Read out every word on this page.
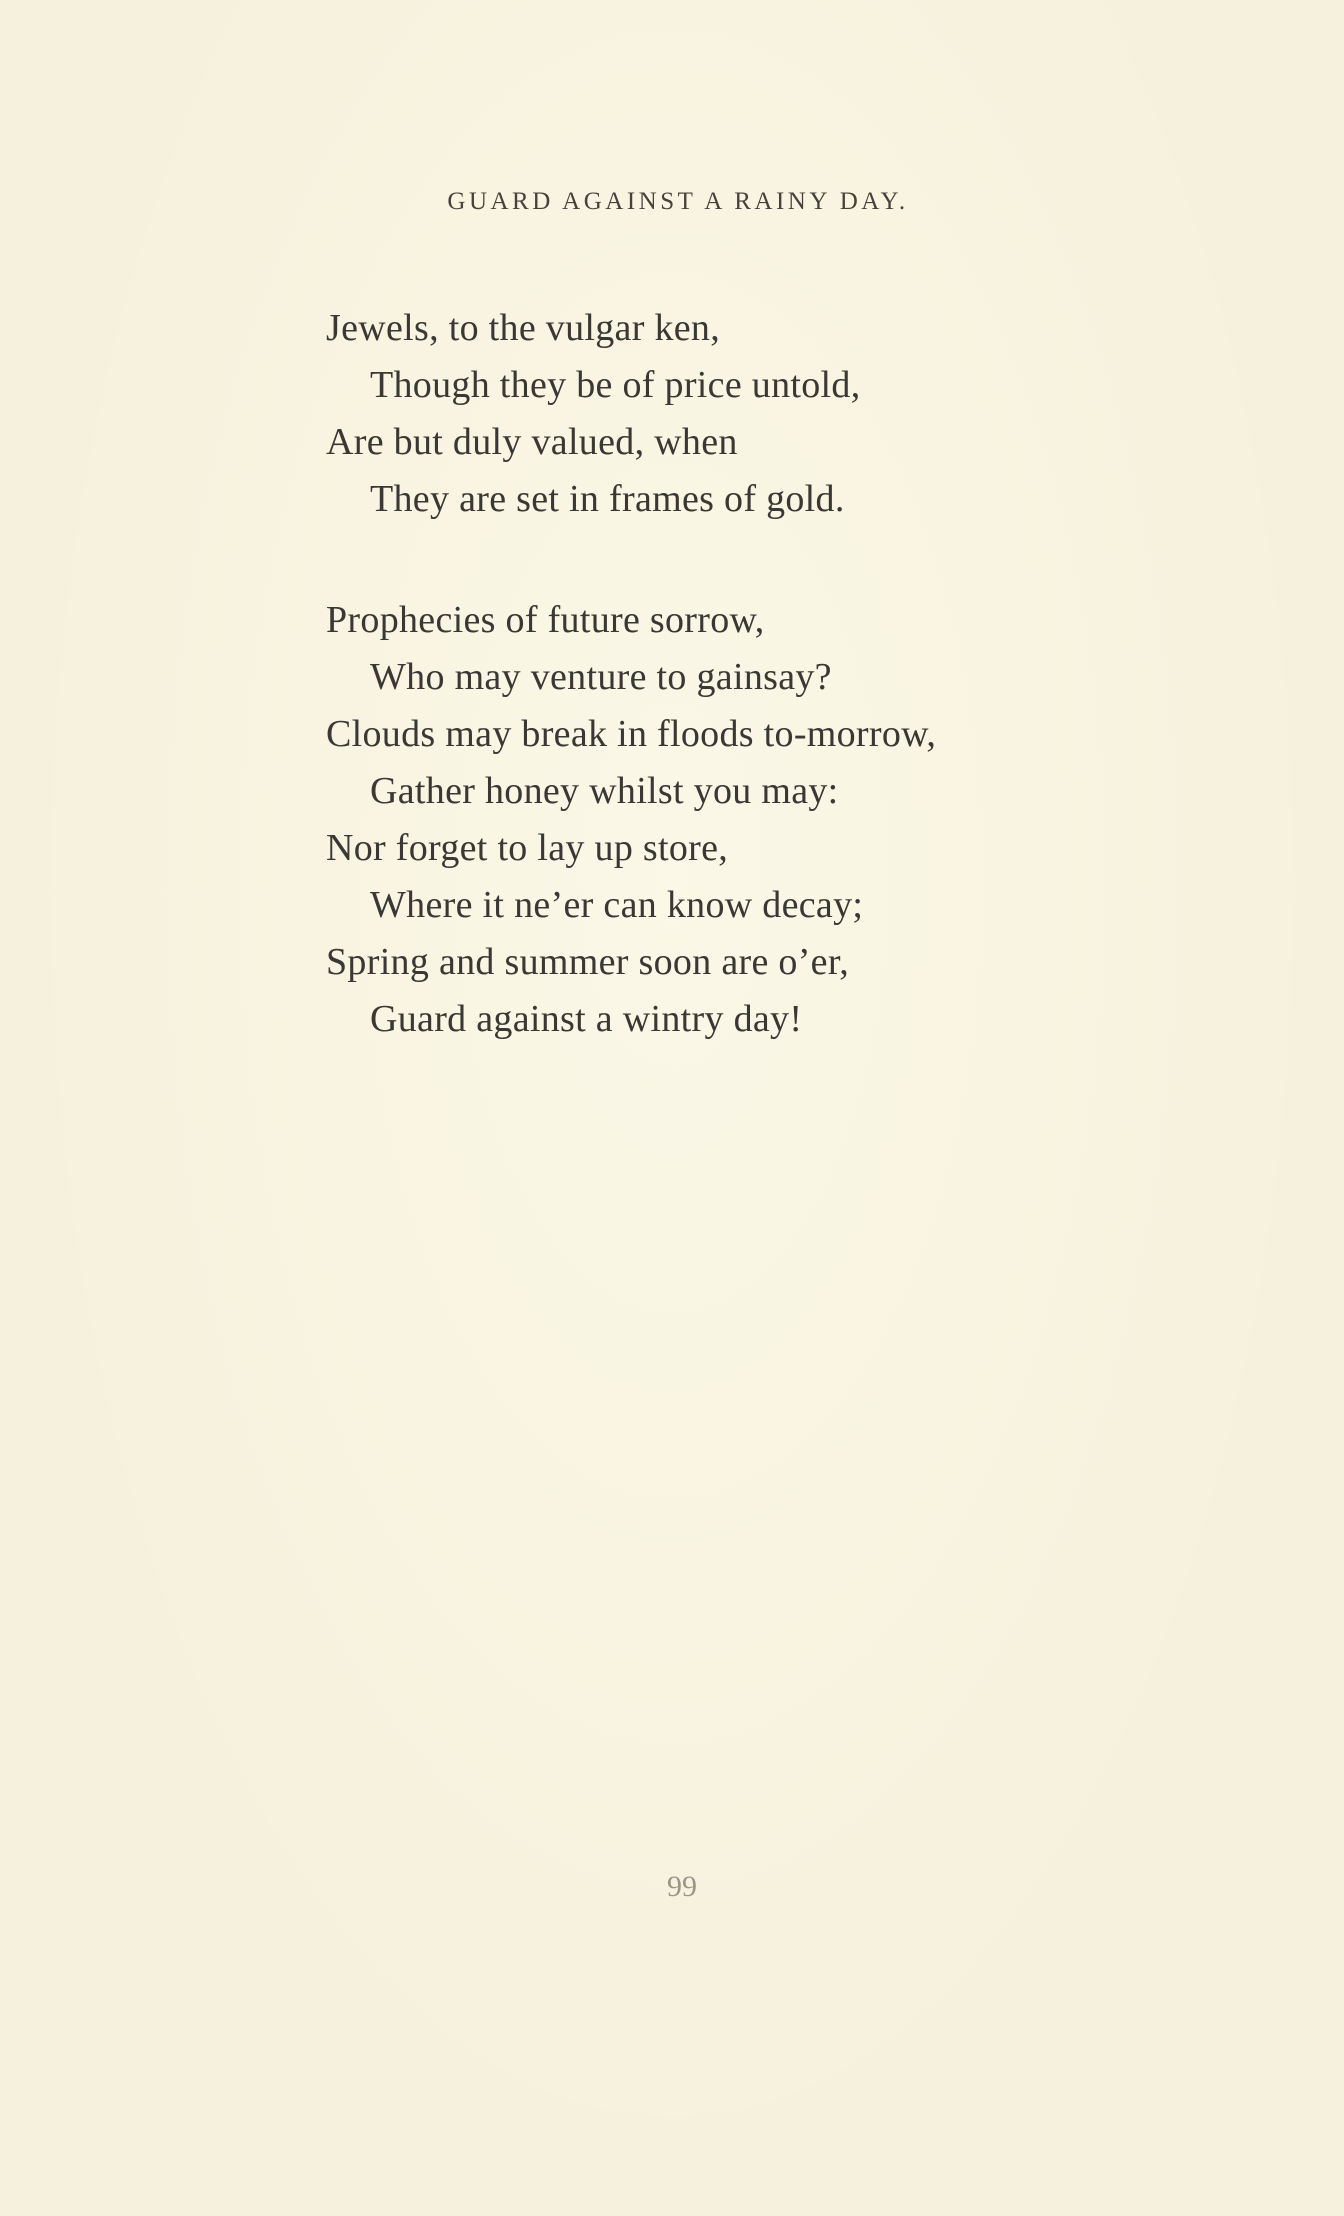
GUARD AGAINST A RAINY DAY.
Jewels, to the vulgar ken,
Though they be of price untold,
Are but duly valued, when
They are set in frames of gold.
Prophecies of future sorrow,
Who may venture to gainsay?
Clouds may break in floods to-morrow,
Gather honey whilst you may:
Nor forget to lay up store,
Where it ne’er can know decay;
Spring and summer soon are o’er,
Guard against a wintry day!
99
